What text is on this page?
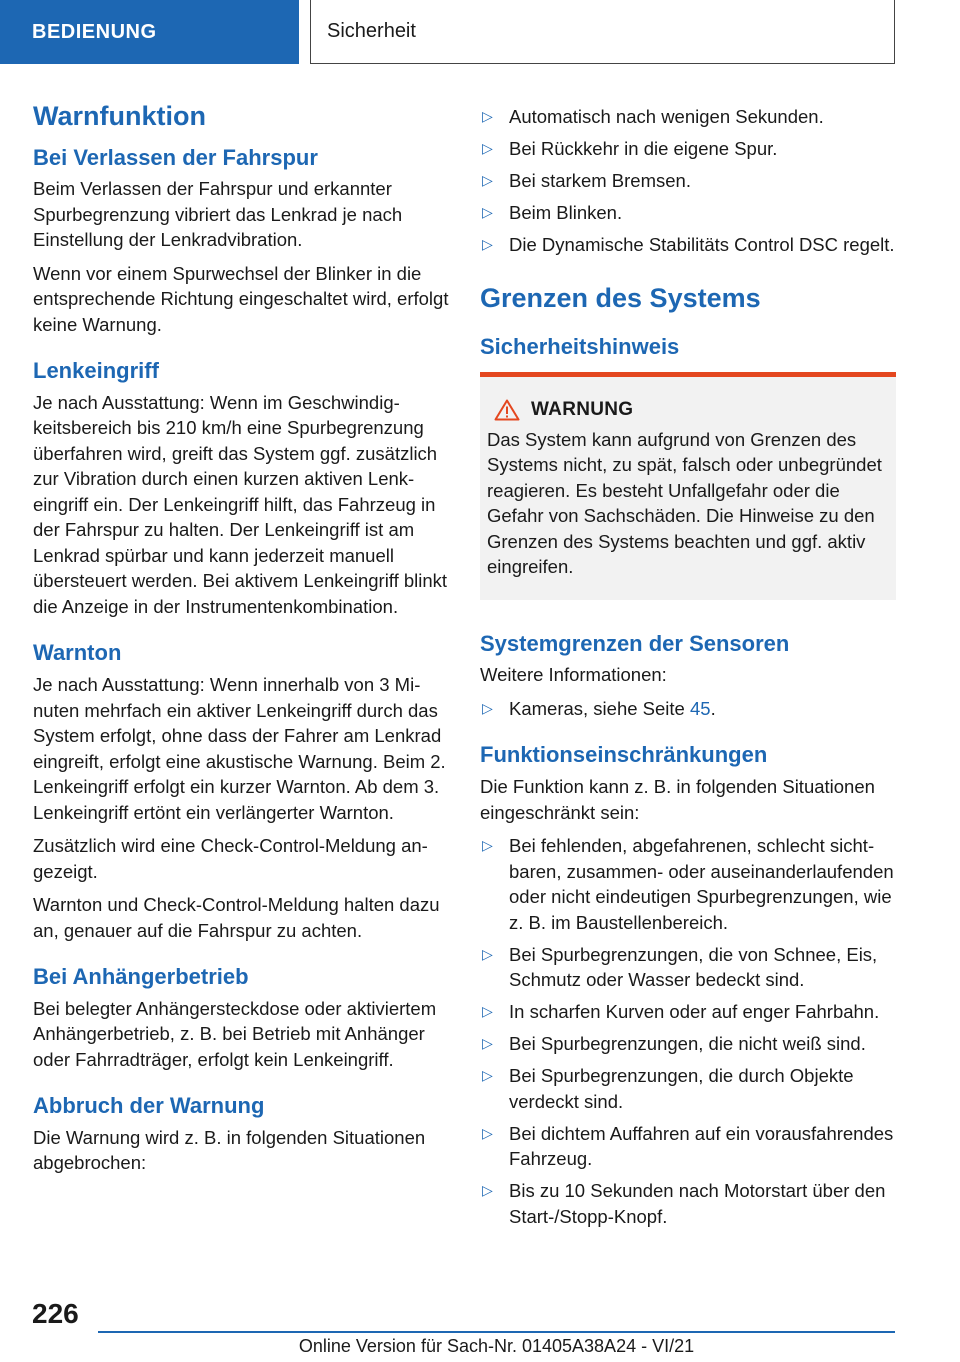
BEDIENUNG	Sicherheit
Warnfunktion
Bei Verlassen der Fahrspur

Beim Verlassen der Fahrspur und erkannter Spurbegrenzung vibriert das Lenkrad je nach Einstellung der Lenkradvibration.

Wenn vor einem Spurwechsel der Blinker in die entsprechende Richtung eingeschaltet wird, erfolgt keine Warnung.

Lenkeingriff

Je nach Ausstattung: Wenn im Geschwindigkeitsbereich bis 210 km/h eine Spurbegrenzung überfahren wird, greift das System ggf. zusätzlich zur Vibration durch einen kurzen aktiven Lenkeingriff ein. Der Lenkeingriff hilft, das Fahrzeug in der Fahrspur zu halten. Der Lenkeingriff ist am Lenkrad spürbar und kann jederzeit manuell übersteuert werden. Bei aktivem Lenkeingriff blinkt die Anzeige in der Instrumentenkombination.

Warnton

Je nach Ausstattung: Wenn innerhalb von 3 Minuten mehrfach ein aktiver Lenkeingriff durch das System erfolgt, ohne dass der Fahrer am Lenkrad eingreift, erfolgt eine akustische Warnung. Beim 2. Lenkeingriff erfolgt ein kurzer Warnton. Ab dem 3. Lenkeingriff ertönt ein verlängerter Warnton.

Zusätzlich wird eine Check-Control-Meldung angezeigt.

Warnton und Check-Control-Meldung halten dazu an, genauer auf die Fahrspur zu achten.

Bei Anhängerbetrieb

Bei belegter Anhängersteckdose oder aktiviertem Anhängerbetrieb, z. B. bei Betrieb mit Anhänger oder Fahrradträger, erfolgt kein Lenkeingriff.

Abbruch der Warnung

Die Warnung wird z. B. in folgenden Situationen abgebrochen:

▷ Automatisch nach wenigen Sekunden.
▷ Bei Rückkehr in die eigene Spur.
▷ Bei starkem Bremsen.
▷ Beim Blinken.
▷ Die Dynamische Stabilitäts Control DSC regelt.
Grenzen des Systems
Sicherheitshinweis
WARNUNG

Das System kann aufgrund von Grenzen des Systems nicht, zu spät, falsch oder unbegründet reagieren. Es besteht Unfallgefahr oder die Gefahr von Sachschäden. Die Hinweise zu den Grenzen des Systems beachten und ggf. aktiv eingreifen.

Systemgrenzen der Sensoren

Weitere Informationen:

▷ Kameras, siehe Seite 45.
Funktionseinschränkungen

Die Funktion kann z. B. in folgenden Situationen eingeschränkt sein:

▷ Bei fehlenden, abgefahrenen, schlecht sichtbaren, zusammen- oder auseinanderlaufenden oder nicht eindeutigen Spurbegrenzungen, wie z. B. im Baustellenbereich.
▷ Bei Spurbegrenzungen, die von Schnee, Eis, Schmutz oder Wasser bedeckt sind.
▷ In scharfen Kurven oder auf enger Fahrbahn.
▷ Bei Spurbegrenzungen, die nicht weiß sind.
▷ Bei Spurbegrenzungen, die durch Objekte verdeckt sind.
▷ Bei dichtem Auffahren auf ein vorausfahrendes Fahrzeug.
▷ Bis zu 10 Sekunden nach Motorstart über den Start-/Stopp-Knopf.
226
Online Version für Sach-Nr. 01405A38A24 - VI/21
